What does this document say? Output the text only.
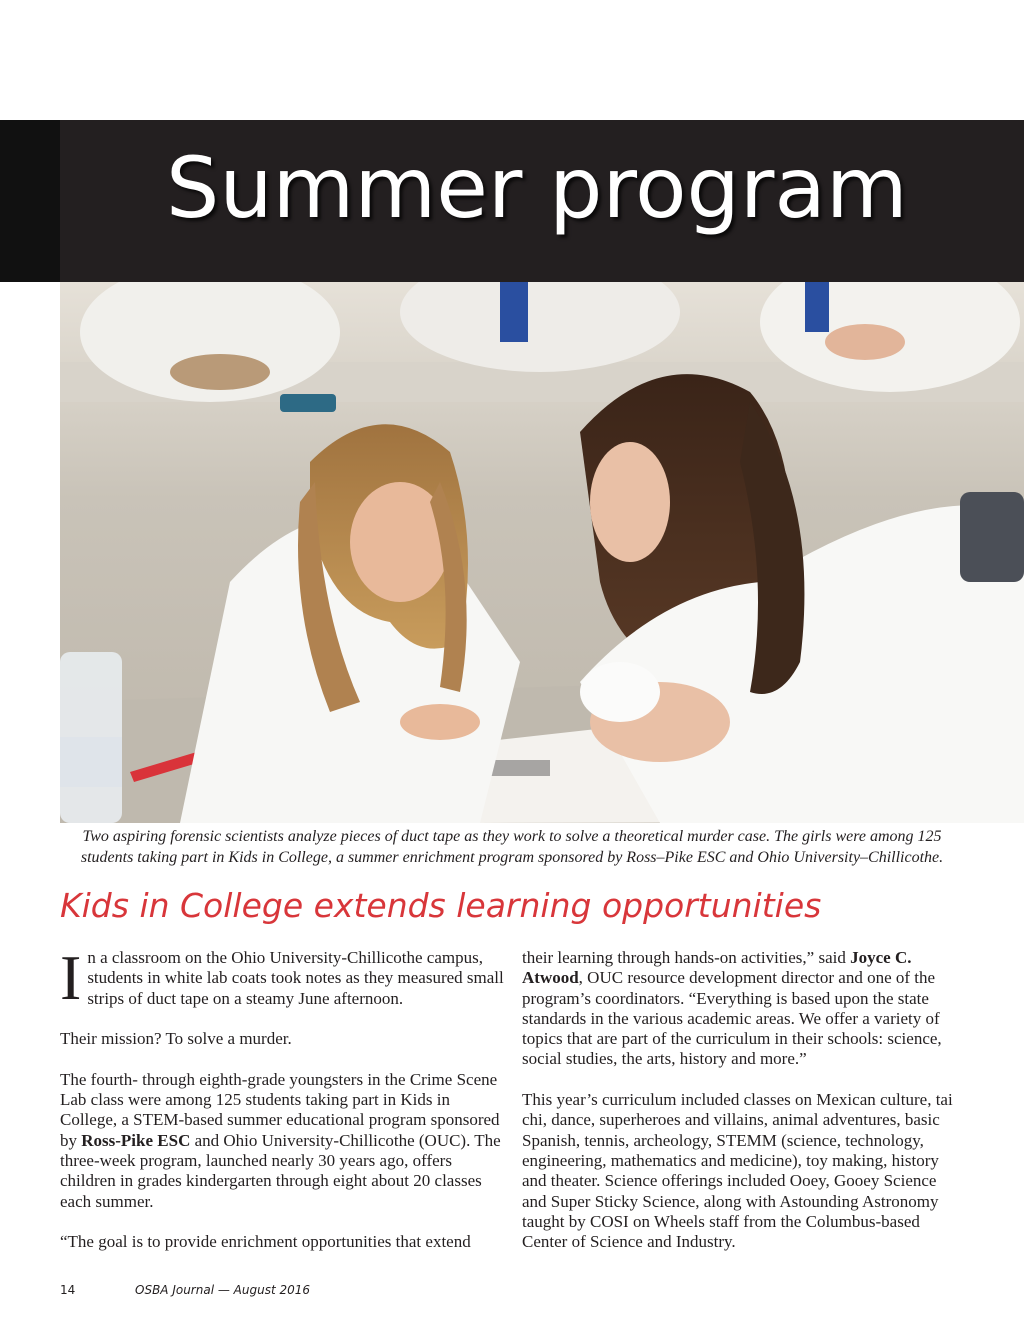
Summer program
Two aspiring forensic scientists analyze pieces of duct tape as they work to solve a theoretical murder case. The girls were among 125
students taking part in Kids in College, a summer enrichment program sponsored by Ross–Pike ESC and Ohio University–Chillicothe.
Kids in College extends learning opportunities

In a classroom on the Ohio University-Chillicothe campus, students in white lab coats took notes as they measured small strips of duct tape on a steamy June afternoon.

Their mission? To solve a murder.

The fourth- through eighth-grade youngsters in the Crime Scene Lab class were among 125 students taking part in Kids in College, a STEM-based summer educational program sponsored by Ross-Pike ESC and Ohio University-Chillicothe (OUC). The three-week program, launched nearly 30 years ago, offers children in grades kindergarten through eight about 20 classes each summer.

“The goal is to provide enrichment opportunities that extend

their learning through hands-on activities,” said Joyce C. Atwood, OUC resource development director and one of the program’s coordinators. “Everything is based upon the state standards in the various academic areas. We offer a variety of topics that are part of the curriculum in their schools: science, social studies, the arts, history and more.”

This year’s curriculum included classes on Mexican culture, tai chi, dance, superheroes and villains, animal adventures, basic Spanish, tennis, archeology, STEMM (science, technology, engineering, mathematics and medicine), toy making, history and theater. Science offerings included Ooey, Gooey Science and Super Sticky Science, along with Astounding Astronomy taught by COSI on Wheels staff from the Columbus-based Center of Science and Industry.

14	OSBA Journal — August 2016
